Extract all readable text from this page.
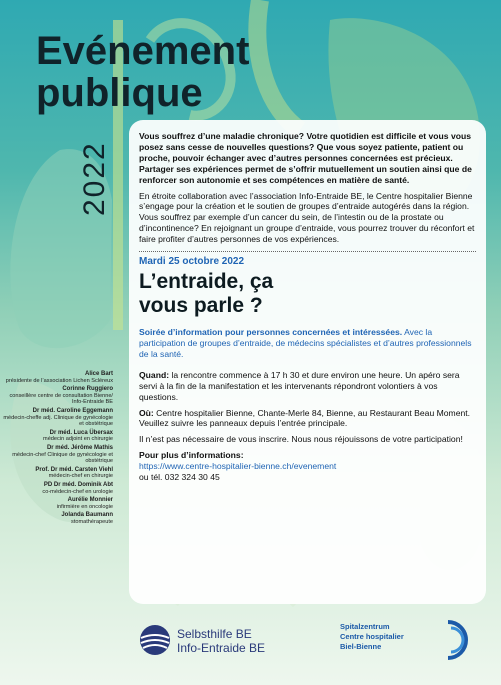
Evénement
publique
2022

Vous souffrez d’une maladie chronique? Votre quotidien est difficile et vous vous posez sans cesse de nouvelles questions? Que vous soyez patiente, patient ou proche, pouvoir échanger avec d’autres personnes concernées est précieux. Partager ses expériences permet de s’offrir mutuellement un soutien ainsi que de renforcer son autonomie et ses compétences en matière de santé.

En étroite collaboration avec l’association Info-Entraide BE, le Centre hospitalier Bienne s’engage pour la création et le soutien de groupes d’entraide autogérés dans la région. Vous souffrez par exemple d’un cancer du sein, de l’intestin ou de la prostate ou d’incontinence? En rejoignant un groupe d’entraide, vous pourrez trouver du réconfort et faire profiter d’autres personnes de vos expériences.

Mardi 25 octobre 2022
L’entraide, ça
vous parle ?

Soirée d’information pour personnes concernées et intéressées. Avec la participation de groupes d’entraide, de médecins spécialistes et d’autres professionnels de la santé.

Quand: la rencontre commence à 17 h 30 et dure environ une heure. Un apéro sera servi à la fin de la manifestation et les intervenants répondront volontiers à vos questions.

Où: Centre hospitalier Bienne, Chante-Merle 84, Bienne, au Restaurant Beau Moment. Veuillez suivre les panneaux depuis l’entrée principale.

Il n’est pas nécessaire de vous inscrire. Nous nous réjouissons de votre participation!

Pour plus d’informations:

https://www.centre-hospitalier-bienne.ch/evenement

ou tél. 032 324 30 45

Alice Bart
présidente de l’association Lichen Scléreux
Corinne Ruggiero
conseillère centre de consultation Bienne/ Info-Entraide BE
Dr méd. Caroline Eggemann
médecin-cheffe adj. Clinique de gynécologie et obstétrique
Dr méd. Luca Übersax
médecin adjoint en chirurgie
Dr méd. Jérôme Mathis
médecin-chef Clinique de gynécologie et obstétrique
Prof. Dr méd. Carsten Viehl
médecin-chef en chirurgie
PD Dr méd. Dominik Abt
co-médecin-chef en urologie
Aurélie Monnier
infirmière en oncologie
Jolanda Baumann
stomathérapeute
Selbsthilfe BE
Info-Entraide BE
Spitalzentrum
Centre hospitalier
Biel-Bienne
